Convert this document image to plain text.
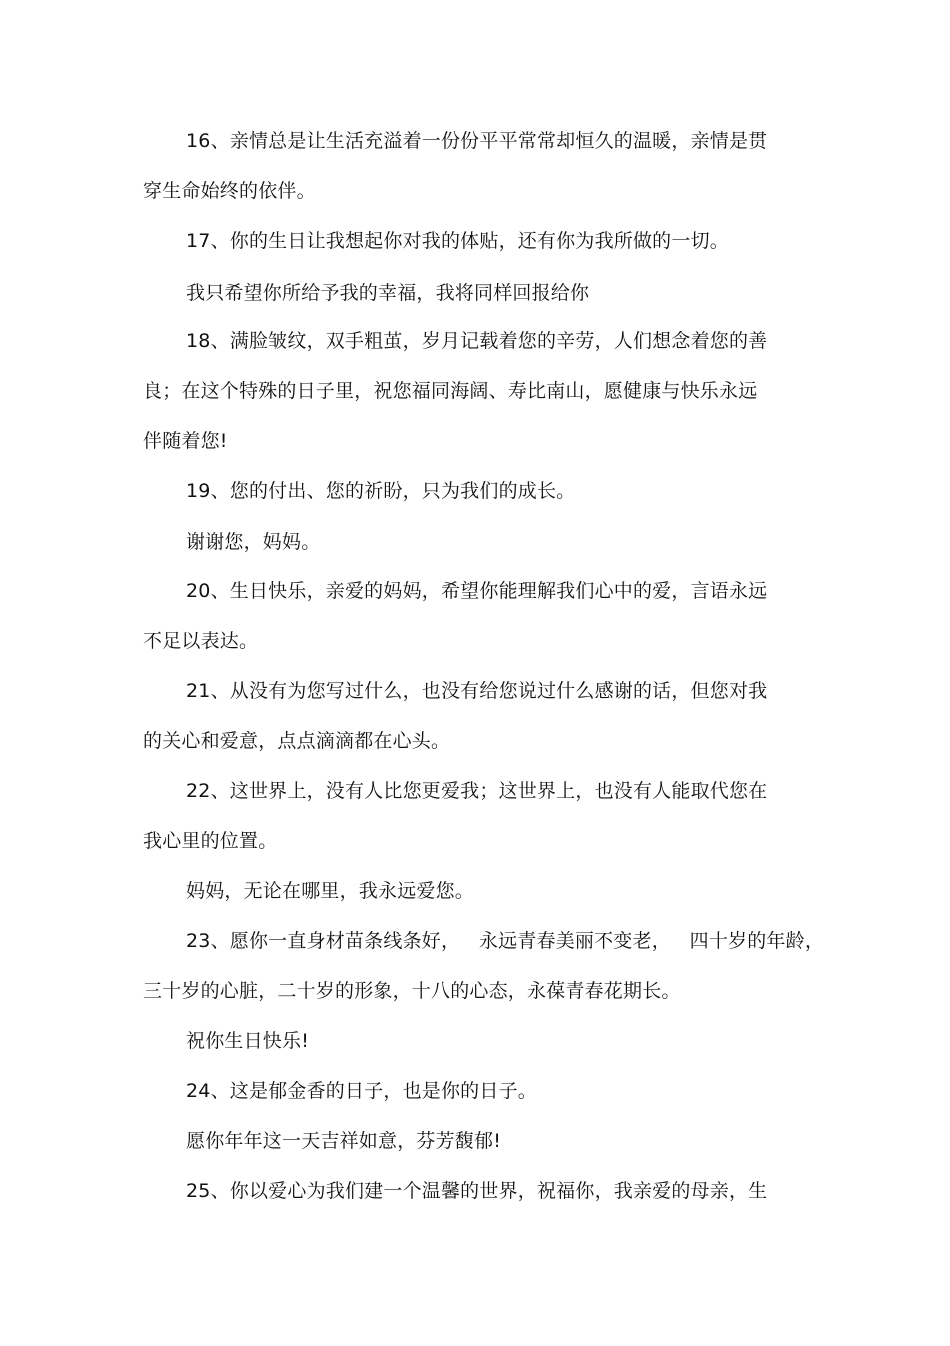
16、亲情总是让生活充溢着一份份平平常常却恒久的温暖，亲情是贯
穿生命始终的依伴。
17、你的生日让我想起你对我的体贴，还有你为我所做的一切。
我只希望你所给予我的幸福，我将同样回报给你
18、满脸皱纹，双手粗茧，岁月记载着您的辛劳，人们想念着您的善
良；在这个特殊的日子里，祝您福同海阔、寿比南山，愿健康与快乐永远
伴随着您!
19、您的付出、您的祈盼，只为我们的成长。
谢谢您，妈妈。
20、生日快乐，亲爱的妈妈，希望你能理解我们心中的爱，言语永远
不足以表达。
21、从没有为您写过什么，也没有给您说过什么感谢的话，但您对我
的关心和爱意，点点滴滴都在心头。
22、这世界上，没有人比您更爱我；这世界上，也没有人能取代您在
我心里的位置。
妈妈，无论在哪里，我永远爱您。
23、愿你一直身材苗条线条好，   永远青春美丽不变老，   四十岁的年龄，
三十岁的心脏，二十岁的形象，十八的心态，永葆青春花期长。
祝你生日快乐!
24、这是郁金香的日子，也是你的日子。
愿你年年这一天吉祥如意，芬芳馥郁!
25、你以爱心为我们建一个温馨的世界，祝福你，我亲爱的母亲，生
